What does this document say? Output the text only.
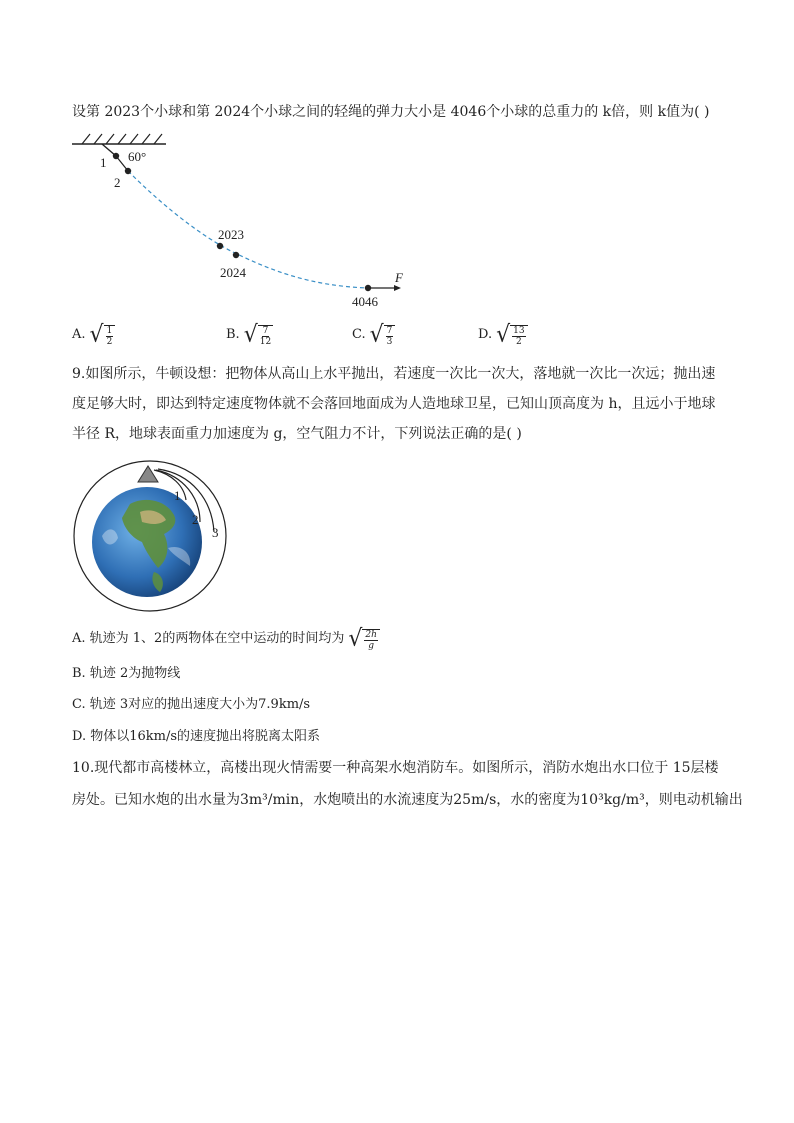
设第 2023个小球和第 2024个小球之间的轻绳的弹力大小是 4046个小球的总重力的 k倍，则 k值为( )
60°
1
2
2023
2024
4046
F
A. √ $\frac{1}{2}$	B. √ $\frac{7}{12}$	C. √ $\frac{7}{3}$	D. √ $\frac{13}{2}$
9.如图所示，牛顿设想：把物体从高山上水平抛出，若速度一次比一次大，落地就一次比一次远；抛出速
度足够大时，即达到特定速度物体就不会落回地面成为人造地球卫星，已知山顶高度为 h，且远小于地球
半径 R，地球表面重力加速度为 g，空气阻力不计，下列说法正确的是( )
1
2
3
A. 轨迹为 1、2的两物体在空中运动的时间均为 √ $\frac{2h}{g}$
B. 轨迹 2为抛物线
C. 轨迹 3对应的抛出速度大小为7.9km/s
D. 物体以16km/s的速度抛出将脱离太阳系
10.现代都市高楼林立，高楼出现火情需要一种高架水炮消防车。如图所示，消防水炮出水口位于 15层楼
房处。已知水炮的出水量为3m³/min，水炮喷出的水流速度为25m/s，水的密度为10³kg/m³，则电动机输出
